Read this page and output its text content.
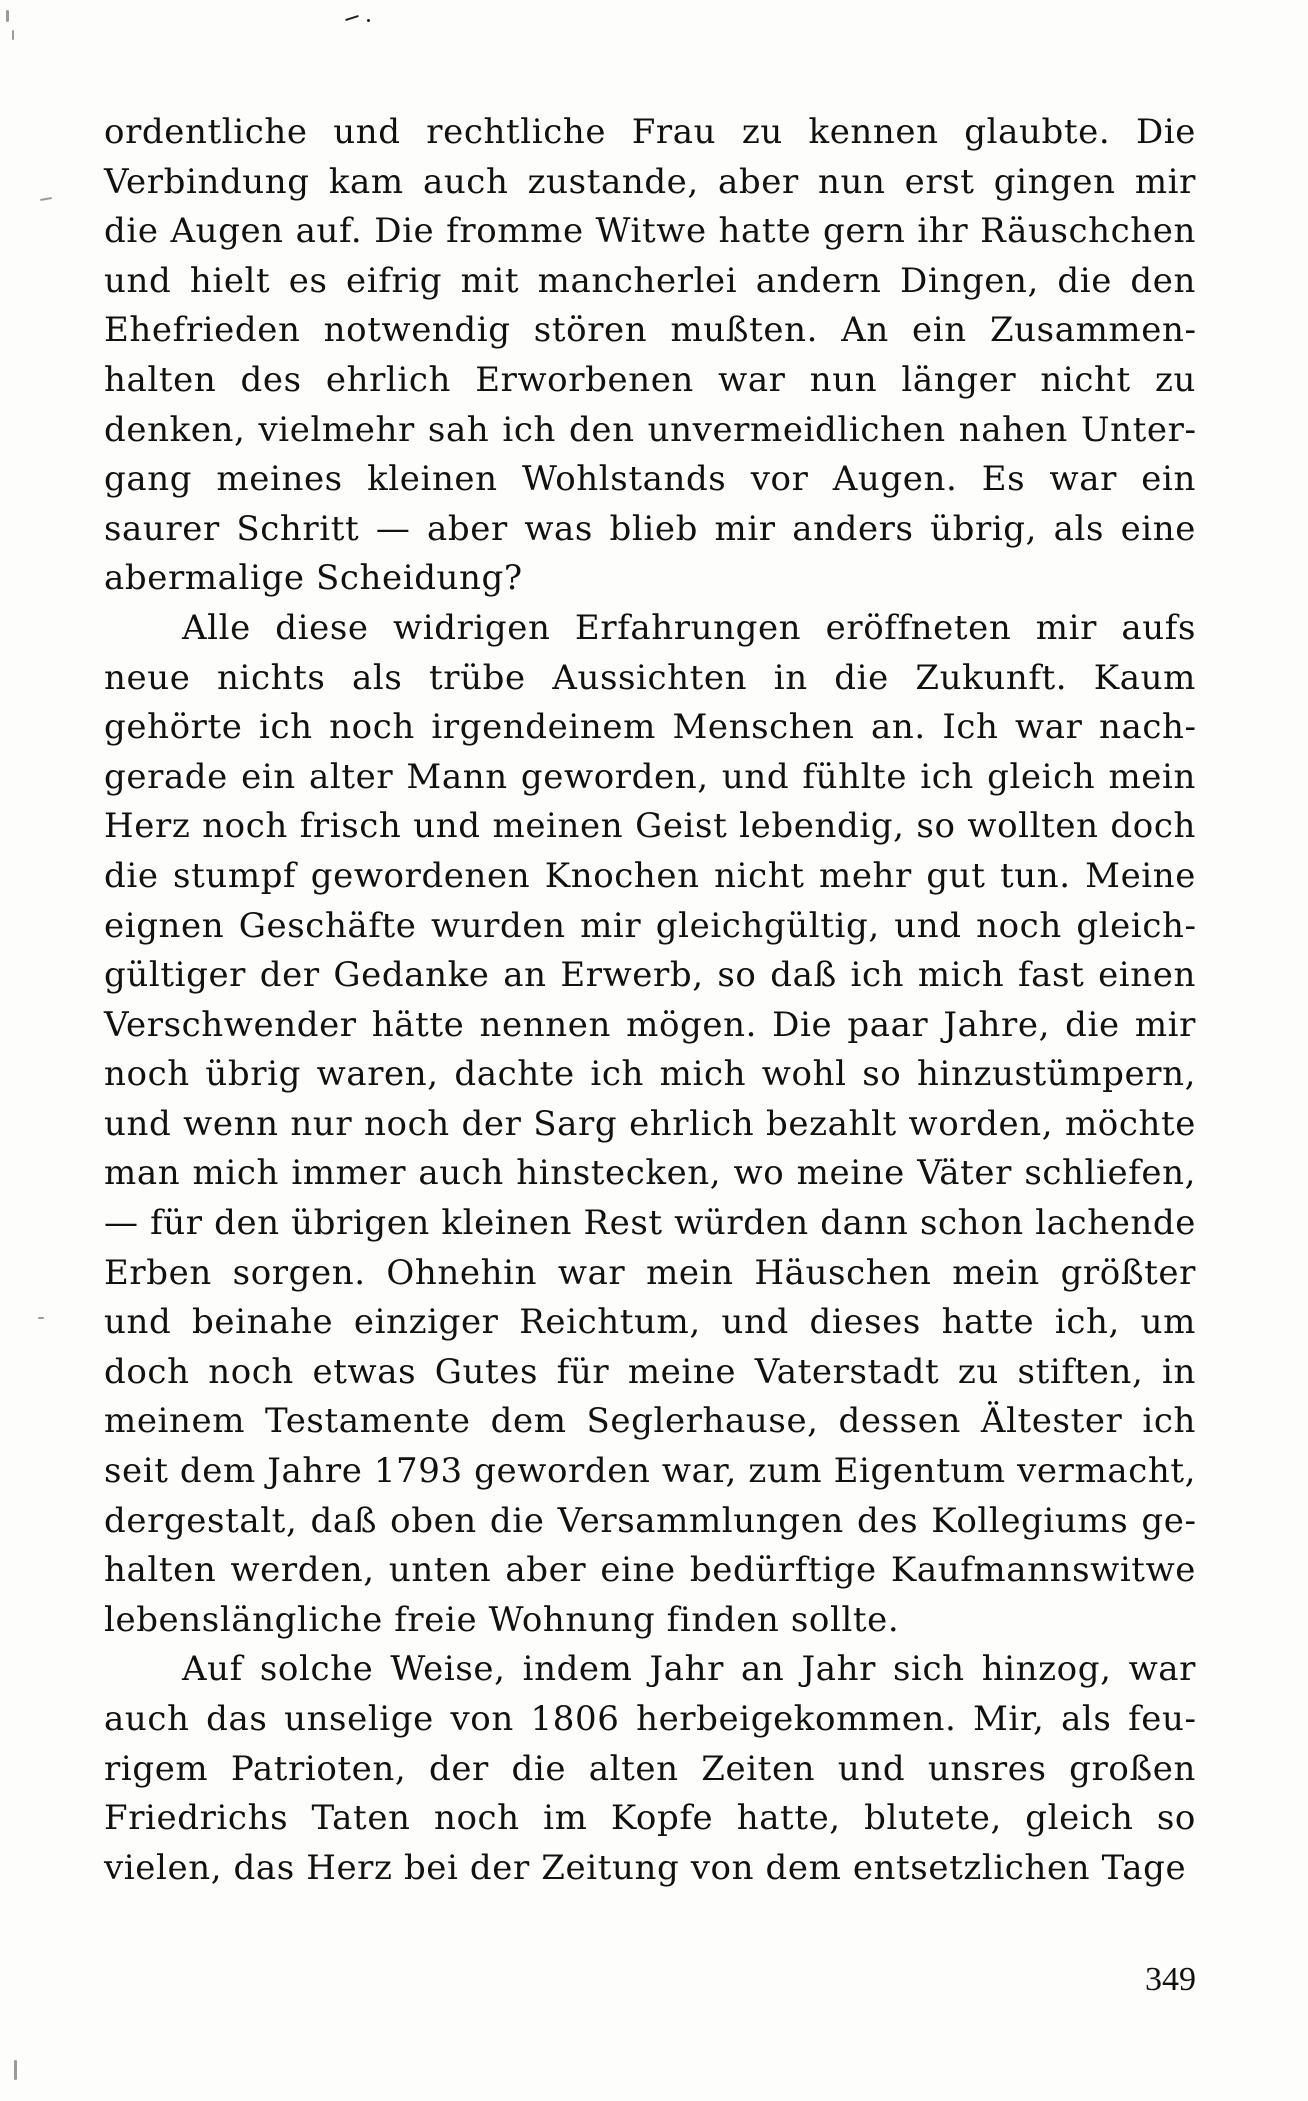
ordentliche und rechtliche Frau zu kennen glaubte. Die Verbindung kam auch zustande, aber nun erst gingen mir die Augen auf. Die fromme Witwe hatte gern ihr Räuschchen und hielt es eifrig mit mancherlei andern Dingen, die den Ehefrieden notwendig stören mußten. An ein Zusammenhalten des ehrlich Erworbenen war nun länger nicht zu denken, vielmehr sah ich den unvermeidlichen nahen Untergang meines kleinen Wohlstands vor Augen. Es war ein saurer Schritt — aber was blieb mir anders übrig, als eine abermalige Scheidung?

Alle diese widrigen Erfahrungen eröffneten mir aufs neue nichts als trübe Aussichten in die Zukunft. Kaum gehörte ich noch irgendeinem Menschen an. Ich war nachgerade ein alter Mann geworden, und fühlte ich gleich mein Herz noch frisch und meinen Geist lebendig, so wollten doch die stumpf gewordenen Knochen nicht mehr gut tun. Meine eignen Geschäfte wurden mir gleichgültig, und noch gleichgültiger der Gedanke an Erwerb, so daß ich mich fast einen Verschwender hätte nennen mögen. Die paar Jahre, die mir noch übrig waren, dachte ich mich wohl so hinzustümpern, und wenn nur noch der Sarg ehrlich bezahlt worden, möchte man mich immer auch hinstecken, wo meine Väter schliefen, — für den übrigen kleinen Rest würden dann schon lachende Erben sorgen. Ohnehin war mein Häuschen mein größter und beinahe einziger Reichtum, und dieses hatte ich, um doch noch etwas Gutes für meine Vaterstadt zu stiften, in meinem Testamente dem Seglerhause, dessen Ältester ich seit dem Jahre 1793 geworden war, zum Eigentum vermacht, dergestalt, daß oben die Versammlungen des Kollegiums gehalten werden, unten aber eine bedürftige Kaufmannswitwe lebenslängliche freie Wohnung finden sollte.

Auf solche Weise, indem Jahr an Jahr sich hinzog, war auch das unselige von 1806 herbeigekommen. Mir, als feurigem Patrioten, der die alten Zeiten und unsres großen Friedrichs Taten noch im Kopfe hatte, blutete, gleich so vielen, das Herz bei der Zeitung von dem entsetzlichen Tage

349
